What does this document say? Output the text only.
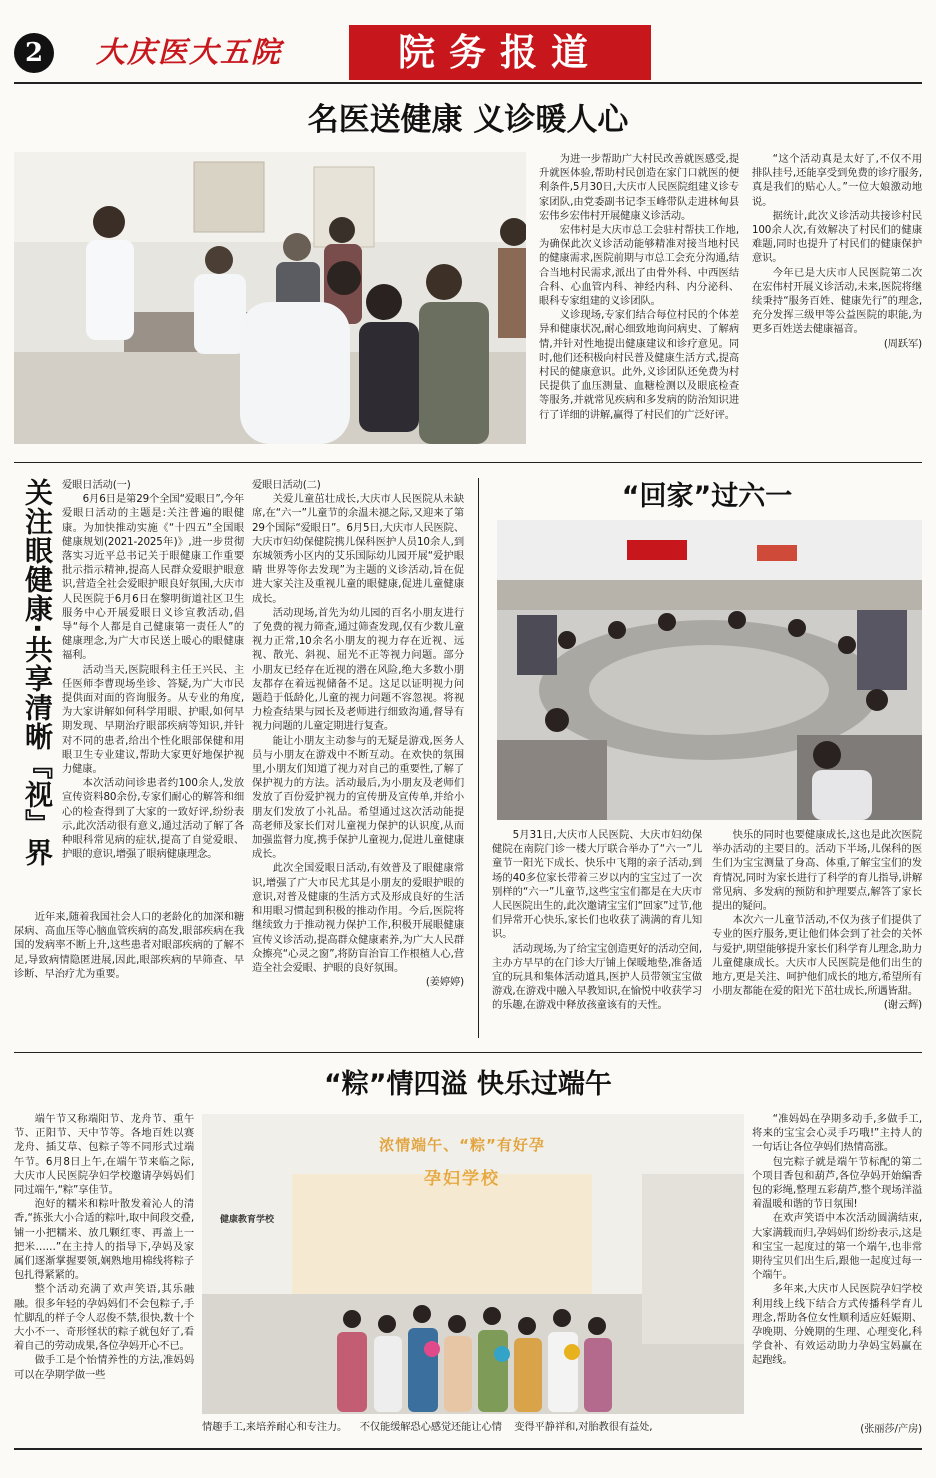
2	大庆医大五院	院务报道
名医送健康 义诊暖人心

为进一步帮助广大村民改善就医感受,提升就医体验,帮助村民创造在家门口就医的便利条件,5月30日,大庆市人民医院组建义诊专家团队,由党委副书记李玉峰带队走进林甸县宏伟乡宏伟村开展健康义诊活动。

宏伟村是大庆市总工会驻村帮扶工作地,为确保此次义诊活动能够精准对接当地村民的健康需求,医院前期与市总工会充分沟通,结合当地村民需求,派出了由骨外科、中西医结合科、心血管内科、神经内科、内分泌科、眼科专家组建的义诊团队。

义诊现场,专家们结合每位村民的个体差异和健康状况,耐心细致地询问病史、了解病情,并针对性地提出健康建议和诊疗意见。同时,他们还积极向村民普及健康生活方式,提高村民的健康意识。此外,义诊团队还免费为村民提供了血压测量、血糖检测以及眼底检查等服务,并就常见疾病和多发病的防治知识进行了详细的讲解,赢得了村民们的广泛好评。

“这个活动真是太好了,不仅不用排队挂号,还能享受到免费的诊疗服务,真是我们的贴心人。”一位大娘激动地说。

据统计,此次义诊活动共接诊村民100余人次,有效解决了村民们的健康难题,同时也提升了村民们的健康保护意识。

今年已是大庆市人民医院第二次在宏伟村开展义诊活动,未来,医院将继续秉持“服务百姓、健康先行”的理念,充分发挥三级甲等公益医院的职能,为更多百姓送去健康福音。

(周跃军)
关注眼健康·共享清晰『视』界 爱眼日活动(一)

6月6日是第29个全国“爱眼日”,今年爱眼日活动的主题是:关注普遍的眼健康。为加快推动实施《“十四五”全国眼健康规划(2021-2025年)》,进一步贯彻落实习近平总书记关于眼健康工作重要批示指示精神,提高人民群众爱眼护眼意识,营造全社会爱眼护眼良好氛围,大庆市人民医院于6月6日在黎明街道社区卫生服务中心开展爱眼日义诊宣教活动,倡导“每个人都是自己健康第一责任人”的健康理念,为广大市民送上暖心的眼健康福利。

活动当天,医院眼科主任王兴民、主任医师李曹现场坐诊、答疑,为广大市民提供面对面的咨询服务。从专业的角度,为大家讲解如何科学用眼、护眼,如何早期发现、早期治疗眼部疾病等知识,并针对不同的患者,给出个性化眼部保健和用眼卫生专业建议,帮助大家更好地保护视力健康。

本次活动问诊患者约100余人,发放宣传资料80余份,专家们耐心的解答和细心的检查得到了大家的一致好评,纷纷表示,此次活动很有意义,通过活动了解了各种眼科常见病的症状,提高了自觉爱眼、护眼的意识,增强了眼病健康理念。

近年来,随着我国社会人口的老龄化的加深和糖尿病、高血压等心脑血管疾病的高发,眼部疾病在我国的发病率不断上升,这些患者对眼部疾病的了解不足,导致病情隐匿进展,因此,眼部疾病的早筛查、早诊断、早治疗尤为重要。

爱眼日活动(二)

关爱儿童茁壮成长,大庆市人民医院从未缺席,在“六一”儿童节的余温未褪之际,又迎来了第29个国际“爱眼日”。6月5日,大庆市人民医院、大庆市妇幼保健院携儿保科医护人员10余人,到东城领秀小区内的艾乐国际幼儿园开展“爱护眼睛 世界等你去发现”为主题的义诊活动,旨在促进大家关注及重视儿童的眼健康,促进儿童健康成长。

活动现场,首先为幼儿园的百名小朋友进行了免费的视力筛查,通过筛查发现,仅有少数儿童视力正常,10余名小朋友的视力存在近视、远视、散光、斜视、屈光不正等视力问题。部分小朋友已经存在近视的潜在风险,绝大多数小朋友都存在着远视储备不足。这足以证明视力问题趋于低龄化,儿童的视力问题不容忽视。将视力检查结果与园长及老师进行细致沟通,督导有视力问题的儿童定期进行复查。

能让小朋友主动参与的无疑是游戏,医务人员与小朋友在游戏中不断互动。在欢快的氛围里,小朋友们知道了视力对自己的重要性,了解了保护视力的方法。活动最后,为小朋友及老师们发放了百份爱护视力的宣传册及宣传单,并给小朋友们发放了小礼品。希望通过这次活动能提高老师及家长们对儿童视力保护的认识度,从而加强监督力度,携手保护儿童视力,促进儿童健康成长。

此次全国爱眼日活动,有效普及了眼健康常识,增强了广大市民尤其是小朋友的爱眼护眼的意识,对普及健康的生活方式及形成良好的生活和用眼习惯起到积极的推动作用。今后,医院将继续致力于推动视力保护工作,积极开展眼健康宣传义诊活动,提高群众健康素养,为广大人民群众擦亮“心灵之窗”,将防盲治盲工作根植人心,营造全社会爱眼、护眼的良好氛围。

(姜婷婷)
“回家”过六一

5月31日,大庆市人民医院、大庆市妇幼保健院在南院门诊一楼大厅联合举办了“六一”儿童节一阳光下成长、快乐中飞翔的亲子活动,到场的40多位家长带着三岁以内的宝宝过了一次别样的“六一”儿童节,这些宝宝们都是在大庆市人民医院出生的,此次邀请宝宝们“回家”过节,他们异常开心快乐,家长们也收获了满满的育儿知识。

活动现场,为了给宝宝创造更好的活动空间,主办方早早的在门诊大厅铺上保暖地垫,准备适宜的玩具和集体活动道具,医护人员带领宝宝做游戏,在游戏中融入早教知识,在愉悦中收获学习的乐趣,在游戏中释放孩童该有的天性。

快乐的同时也要健康成长,这也是此次医院举办活动的主要目的。活动下半场,儿保科的医生们为宝宝测量了身高、体重,了解宝宝们的发育情况,同时为家长进行了科学的育儿指导,讲解常见病、多发病的预防和护理要点,解答了家长提出的疑问。

本次六一儿童节活动,不仅为孩子们提供了专业的医疗服务,更让他们体会到了社会的关怀与爱护,期望能够提升家长们科学育儿理念,助力儿童健康成长。大庆市人民医院是他们出生的地方,更是关注、呵护他们成长的地方,希望所有小朋友都能在爱的阳光下茁壮成长,所遇皆甜。

(谢云辉)
“粽”情四溢 快乐过端午

端午节又称端阳节、龙舟节、重午节、正阳节、天中节等。各地百姓以赛龙舟、插艾草、包粽子等不同形式过端午节。6月8日上午,在端午节来临之际,大庆市人民医院孕妇学校邀请孕妈妈们同过端午,“粽”享佳节。

泡好的糯米和粽叶散发着沁人的清香,“拣张大小合适的粽叶,取中间段交叠,铺一小把糯米、放几颗红枣、再盖上一把米……”在主持人的指导下,孕妈及家属们逐渐掌握要领,娴熟地用棉线将粽子包扎得紧紧的。

整个活动充满了欢声笑语,其乐融融。很多年轻的孕妈妈们不会包粽子,手忙脚乱的样子令人忍俊不禁,很快,数十个大小不一、奇形怪状的粽子就包好了,看着自己的劳动成果,各位孕妈开心不已。

做手工是个怡情养性的方法,准妈妈可以在孕期学做一些

浓情端午、“粽”有好孕
孕妇学校
健康教育学校
情趣手工,来培养耐心和专注力。 不仅能缓解恐心感觉还能让心情 变得平静祥和,对胎教很有益处,

“准妈妈在孕期多动手,多做手工,将来的宝宝会心灵手巧哦!”主持人的一句话让各位孕妈们热情高涨。

包完粽子就是端午节标配的第二个项目香包和葫芦,各位孕妈开始编香包的彩绳,整理五彩葫芦,整个现场洋溢着温暖和谐的节日氛围!

在欢声笑语中本次活动圆满结束,大家满载而归,孕妈妈们纷纷表示,这是和宝宝一起度过的第一个端午,也非常期待宝贝们出生后,跟他一起度过每一个端午。

多年来,大庆市人民医院孕妇学校利用线上线下结合方式传播科学育儿理念,帮助各位女性顺利适应妊娠期、孕晚期、分娩期的生理、心理变化,科学食补、有效运动助力孕妈宝妈赢在起跑线。

(张丽莎/产房)
